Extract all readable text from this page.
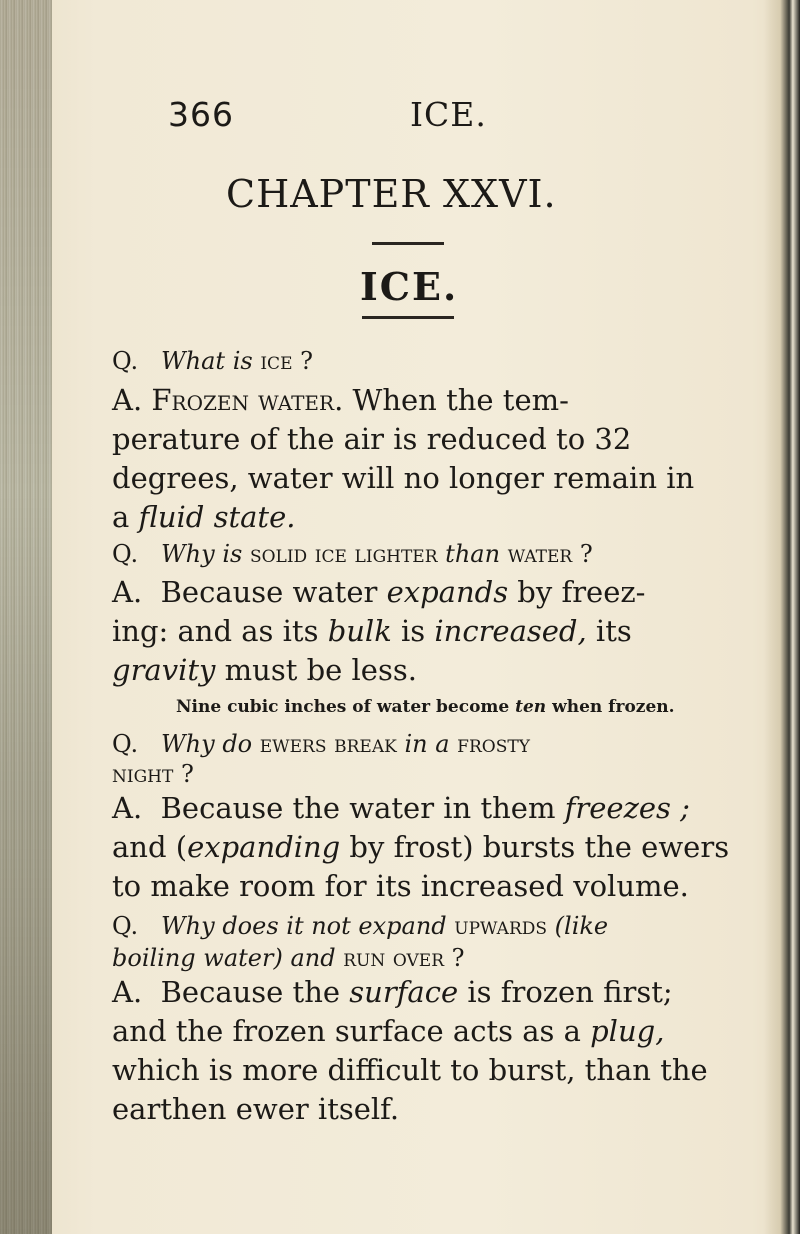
366	ICE.
CHAPTER XXVI.
ICE.
Q. What is ice ?
A. Frozen water. When the tem-
perature of the air is reduced to 32
degrees, water will no longer remain in
a fluid state.
Q. Why is solid ice lighter than water ?
A. Because water expands by freez-
ing: and as its bulk is increased, its
gravity must be less.
Nine cubic inches of water become ten when frozen.
Q. Why do ewers break in a frosty
night ?
A. Because the water in them freezes ;
and (expanding by frost) bursts the ewers
to make room for its increased volume.
Q. Why does it not expand upwards (like
boiling water) and run over ?
A. Because the surface is frozen first;
and the frozen surface acts as a plug,
which is more difficult to burst, than the
earthen ewer itself.
